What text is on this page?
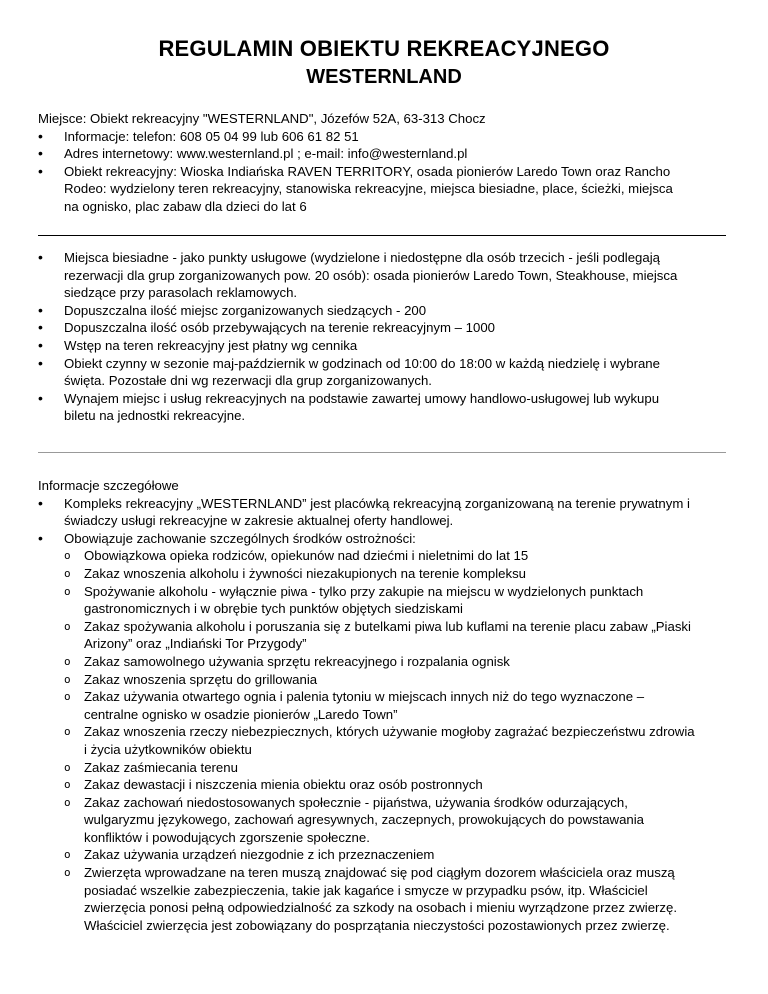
REGULAMIN OBIEKTU REKREACYJNEGO
WESTERNLAND
Miejsce: Obiekt rekreacyjny "WESTERNLAND", Józefów 52A, 63-313 Chocz
• Informacje: telefon: 608 05 04 99 lub 606 61 82 51
• Adres internetowy: www.westernland.pl ; e-mail: info@westernland.pl
• Obiekt rekreacyjny: Wioska Indiańska RAVEN TERRITORY, osada pionierów Laredo Town oraz Rancho
Rodeo: wydzielony teren rekreacyjny, stanowiska rekreacyjne, miejsca biesiadne, place, ścieżki, miejsca
na ognisko, plac zabaw dla dzieci do lat 6
• Miejsca biesiadne - jako punkty usługowe (wydzielone i niedostępne dla osób trzecich - jeśli podlegają
rezerwacji dla grup zorganizowanych pow. 20 osób): osada pionierów Laredo Town, Steakhouse, miejsca
siedzące przy parasolach reklamowych.
• Dopuszczalna ilość miejsc zorganizowanych siedzących - 200
• Dopuszczalna ilość osób przebywających na terenie rekreacyjnym – 1000
• Wstęp na teren rekreacyjny jest płatny wg cennika
• Obiekt czynny w sezonie maj-październik w godzinach od 10:00 do 18:00 w każdą niedzielę i wybrane
święta. Pozostałe dni wg rezerwacji dla grup zorganizowanych.
• Wynajem miejsc i usług rekreacyjnych na podstawie zawartej umowy handlowo-usługowej lub wykupu
biletu na jednostki rekreacyjne.
Informacje szczegółowe
• Kompleks rekreacyjny „WESTERNLAND” jest placówką rekreacyjną zorganizowaną na terenie prywatnym i
świadczy usługi rekreacyjne w zakresie aktualnej oferty handlowej.
• Obowiązuje zachowanie szczególnych środków ostrożności:
o Obowiązkowa opieka rodziców, opiekunów nad dziećmi i nieletnimi do lat 15
o Zakaz wnoszenia alkoholu i żywności niezakupionych na terenie kompleksu
o Spożywanie alkoholu - wyłącznie piwa - tylko przy zakupie na miejscu w wydzielonych punktach
gastronomicznych i w obrębie tych punktów objętych siedziskami
o Zakaz spożywania alkoholu i poruszania się z butelkami piwa lub kuflami na terenie placu zabaw „Piaski
Arizony” oraz „Indiański Tor Przygody”
o Zakaz samowolnego używania sprzętu rekreacyjnego i rozpalania ognisk
o Zakaz wnoszenia sprzętu do grillowania
o Zakaz używania otwartego ognia i palenia tytoniu w miejscach innych niż do tego wyznaczone –
centralne ognisko w osadzie pionierów „Laredo Town”
o Zakaz wnoszenia rzeczy niebezpiecznych, których używanie mogłoby zagrażać bezpieczeństwu zdrowia
i życia użytkowników obiektu
o Zakaz zaśmiecania terenu
o Zakaz dewastacji i niszczenia mienia obiektu oraz osób postronnych
o Zakaz zachowań niedostosowanych społecznie - pijaństwa, używania środków odurzających,
wulgaryzmu językowego, zachowań agresywnych, zaczepnych, prowokujących do powstawania
konfliktów i powodujących zgorszenie społeczne.
o Zakaz używania urządzeń niezgodnie z ich przeznaczeniem
o Zwierzęta wprowadzane na teren muszą znajdować się pod ciągłym dozorem właściciela oraz muszą
posiadać wszelkie zabezpieczenia, takie jak kagańce i smycze w przypadku psów, itp. Właściciel
zwierzęcia ponosi pełną odpowiedzialność za szkody na osobach i mieniu wyrządzone przez zwierzę.
Właściciel zwierzęcia jest zobowiązany do posprzątania nieczystości pozostawionych przez zwierzę.
